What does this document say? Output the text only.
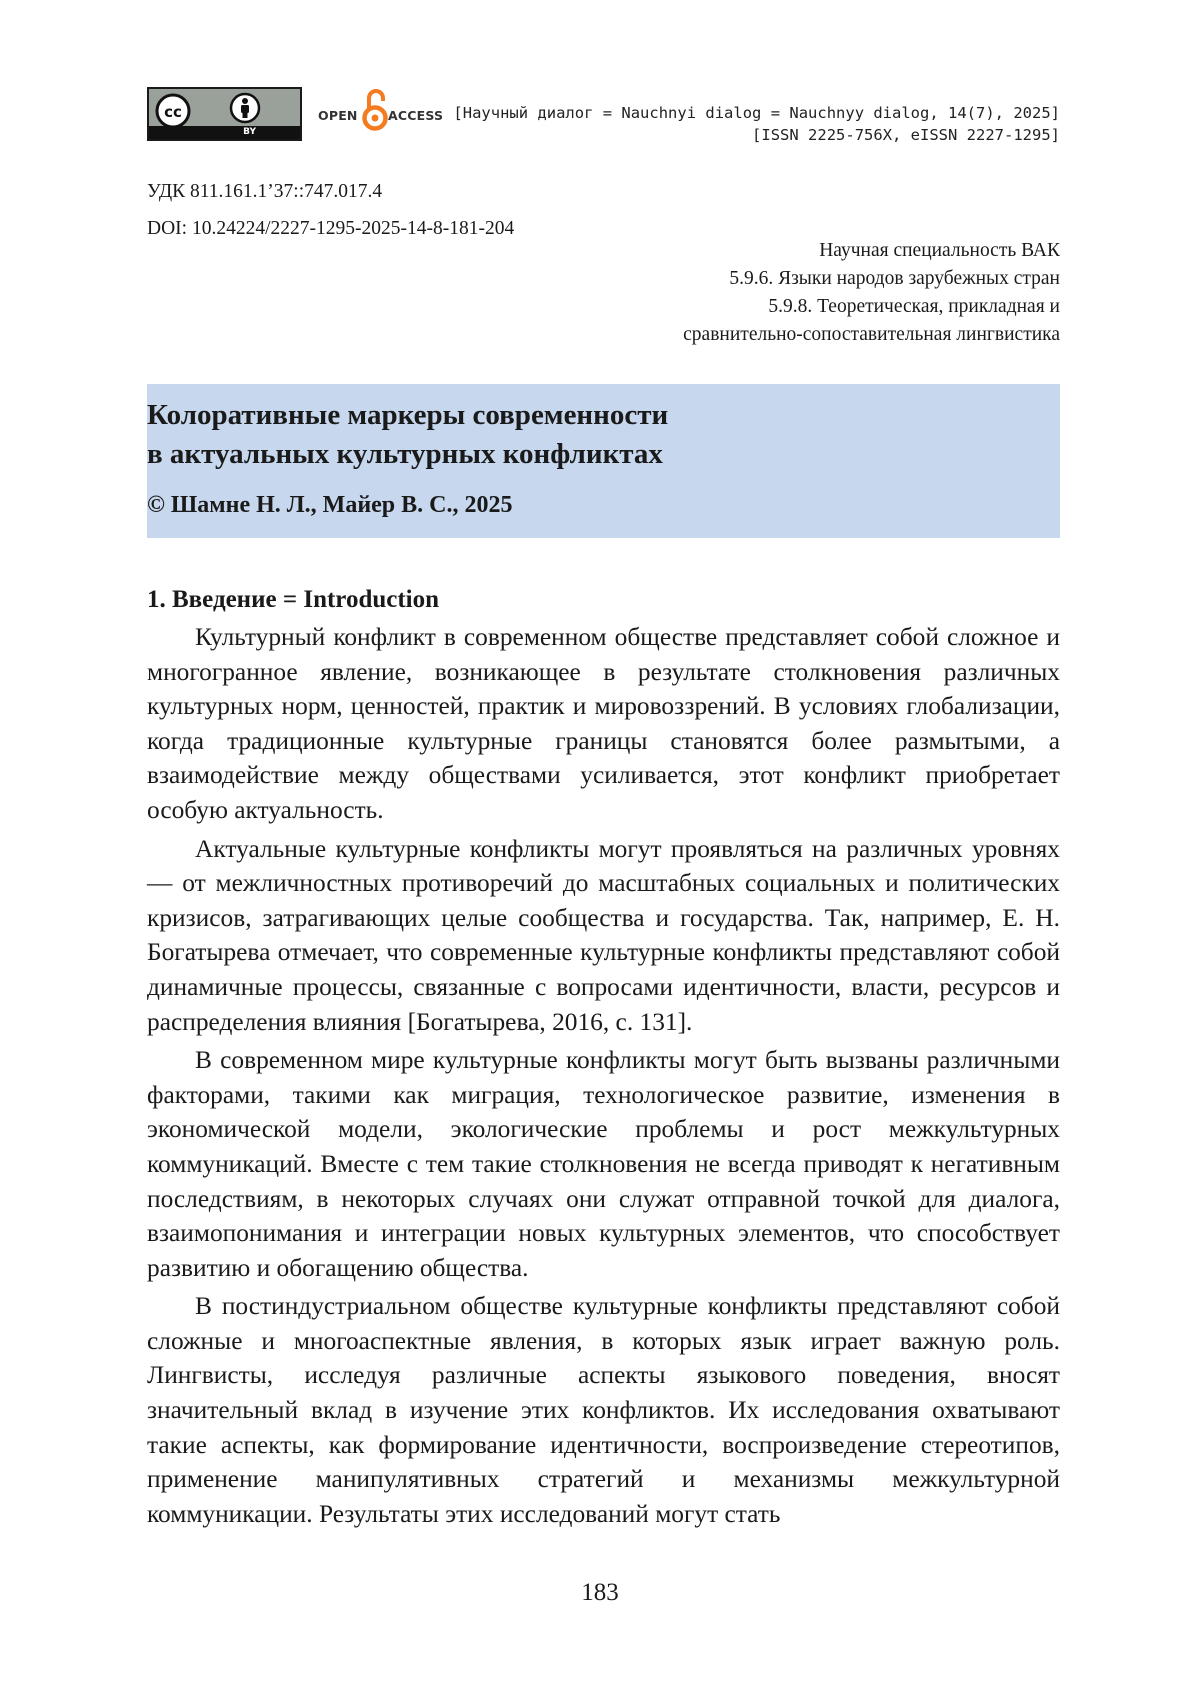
cc
BY
OPEN ACCESS [Научный диалог = Nauchnyi dialog = Nauchnyy dialog, 14(7), 2025]
[ISSN 2225-756X, eISSN 2227-1295]
УДК 811.161.1’37::747.017.4
DOI: 10.24224/2227-1295-2025-14-8-181-204
Научная специальность ВАК
5.9.6. Языки народов зарубежных стран
5.9.8. Теоретическая, прикладная и
сравнительно-сопоставительная лингвистика
Колоративные маркеры современности
в актуальных культурных конфликтах
© Шамне Н. Л., Майер В. С., 2025
1. Введение = Introduction

Культурный конфликт в современном обществе представляет собой сложное и многогранное явление, возникающее в результате столкновения различных культурных норм, ценностей, практик и мировоззрений. В условиях глобализации, когда традиционные культурные границы становятся более размытыми, а взаимодействие между обществами усиливается, этот конфликт приобретает особую актуальность.

Актуальные культурные конфликты могут проявляться на различных уровнях — от межличностных противоречий до масштабных социальных и политических кризисов, затрагивающих целые сообщества и государства. Так, например, Е. Н. Богатырева отмечает, что современные культурные конфликты представляют собой динамичные процессы, связанные с вопросами идентичности, власти, ресурсов и распределения влияния [Богатырева, 2016, с. 131].

В современном мире культурные конфликты могут быть вызваны различными факторами, такими как миграция, технологическое развитие, изменения в экономической модели, экологические проблемы и рост межкультурных коммуникаций. Вместе с тем такие столкновения не всегда приводят к негативным последствиям, в некоторых случаях они служат отправной точкой для диалога, взаимопонимания и интеграции новых культурных элементов, что способствует развитию и обогащению общества.

В постиндустриальном обществе культурные конфликты представляют собой сложные и многоаспектные явления, в которых язык играет важную роль. Лингвисты, исследуя различные аспекты языкового поведения, вносят значительный вклад в изучение этих конфликтов. Их исследования охватывают такие аспекты, как формирование идентичности, воспроизведение стереотипов, применение манипулятивных стратегий и механизмы межкультурной коммуникации. Результаты этих исследований могут стать

183
